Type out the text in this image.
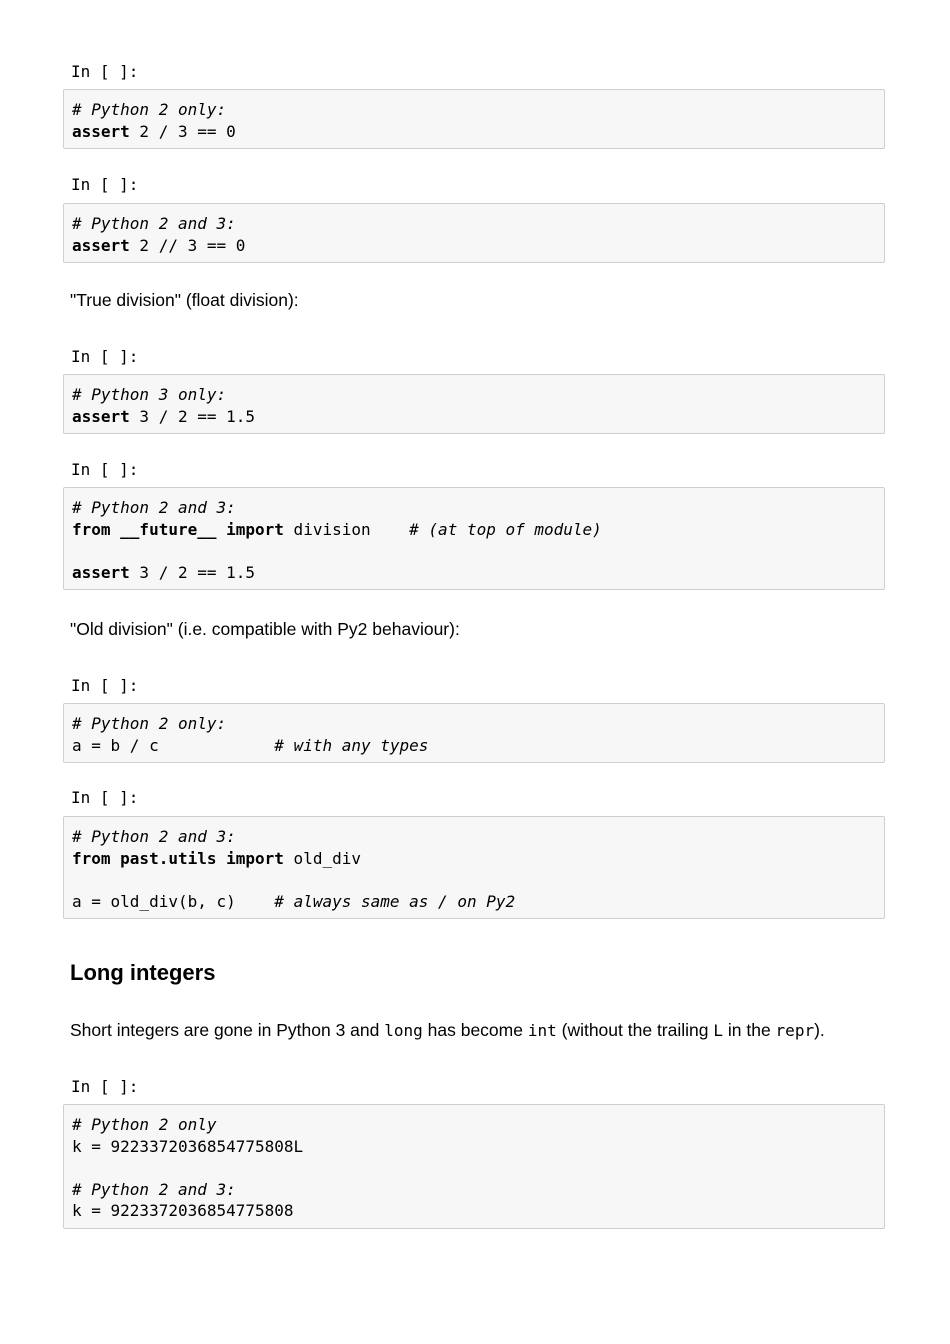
In [ ]:
# Python 2 only:
assert 2 / 3 == 0
In [ ]:
# Python 2 and 3:
assert 2 // 3 == 0
"True division" (float division):
In [ ]:
# Python 3 only:
assert 3 / 2 == 1.5
In [ ]:
# Python 2 and 3:
from __future__ import division    # (at top of module)
assert 3 / 2 == 1.5
"Old division" (i.e. compatible with Py2 behaviour):
In [ ]:
# Python 2 only:
a = b / c            # with any types
In [ ]:
# Python 2 and 3:
from past.utils import old_div
a = old_div(b, c)    # always same as / on Py2
Long integers
Short integers are gone in Python 3 and long has become int (without the trailing L in the repr).
In [ ]:
# Python 2 only
k = 9223372036854775808L
# Python 2 and 3:
k = 9223372036854775808
